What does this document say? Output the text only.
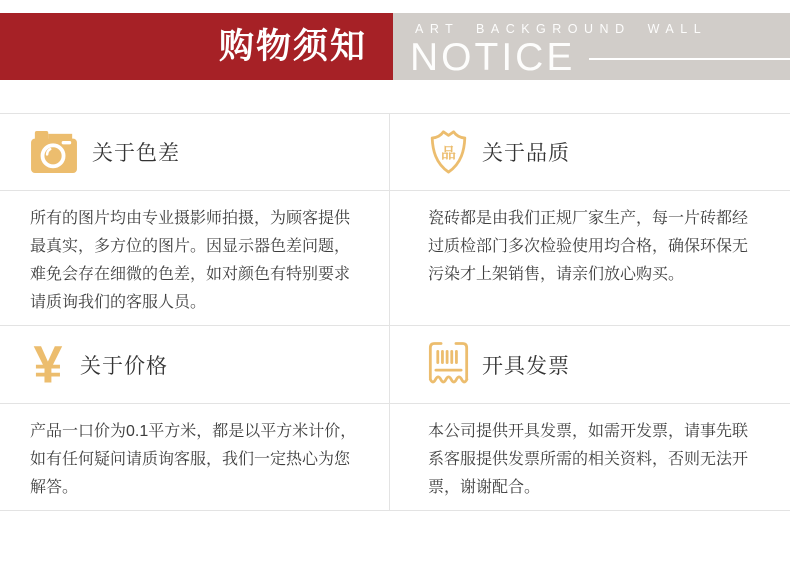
购物须知	ART BACKGROUND WALL
NOTICE
关于色差

所有的图片均由专业摄影师拍摄，为顾客提供最真实，多方位的图片。因显示器色差问题，难免会存在细微的色差，如对颜色有特别要求请质询我们的客服人员。

¥ 关于价格

产品一口价为0.1平方米，都是以平方米计价，如有任何疑问请质询客服，我们一定热心为您解答。

品 关于品质

瓷砖都是由我们正规厂家生产，每一片砖都经过质检部门多次检验使用均合格，确保环保无污染才上架销售，请亲们放心购买。

开具发票

本公司提供开具发票，如需开发票，请事先联系客服提供发票所需的相关资料，否则无法开票，谢谢配合。
